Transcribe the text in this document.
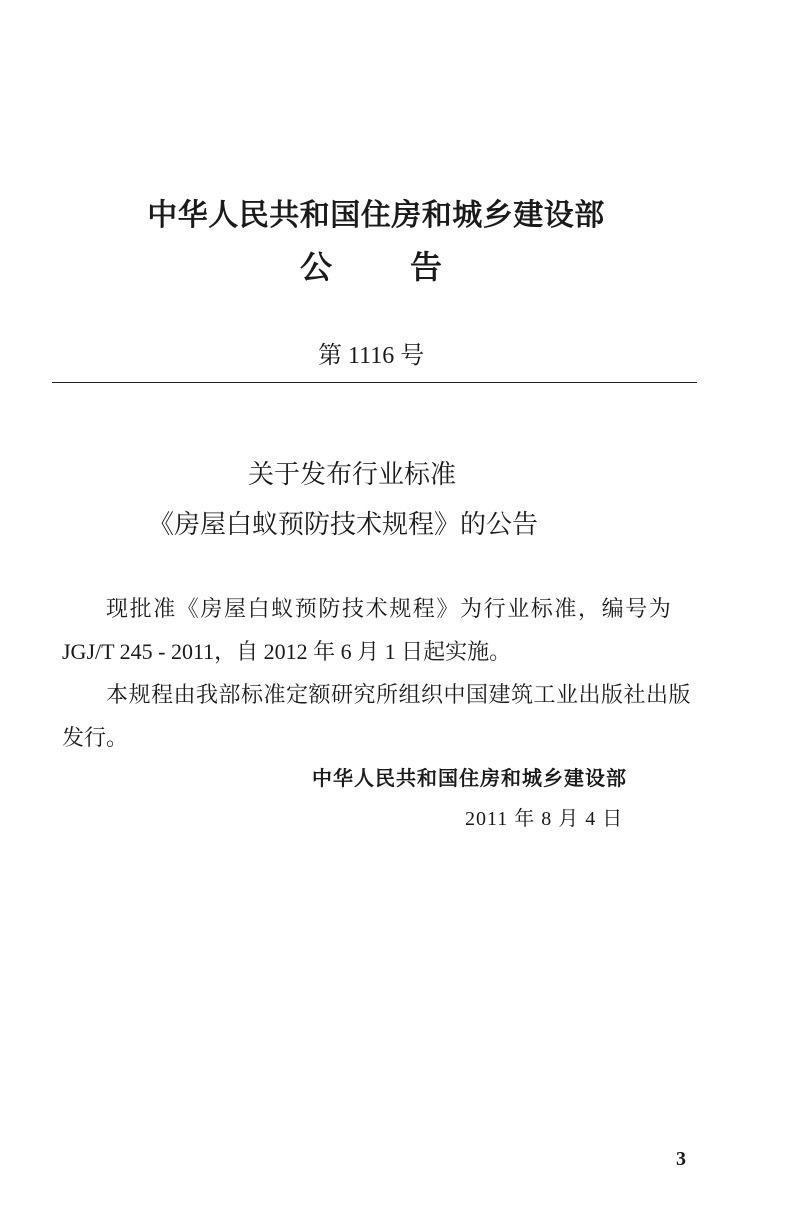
中华人民共和国住房和城乡建设部
公 告
第 1116 号
关于发布行业标准
《房屋白蚁预防技术规程》的公告
现批准《房屋白蚁预防技术规程》为行业标准，编号为
JGJ/T 245 - 2011，自 2012 年 6 月 1 日起实施。
本规程由我部标准定额研究所组织中国建筑工业出版社出版
发行。
中华人民共和国住房和城乡建设部
2011 年 8 月 4 日
3
